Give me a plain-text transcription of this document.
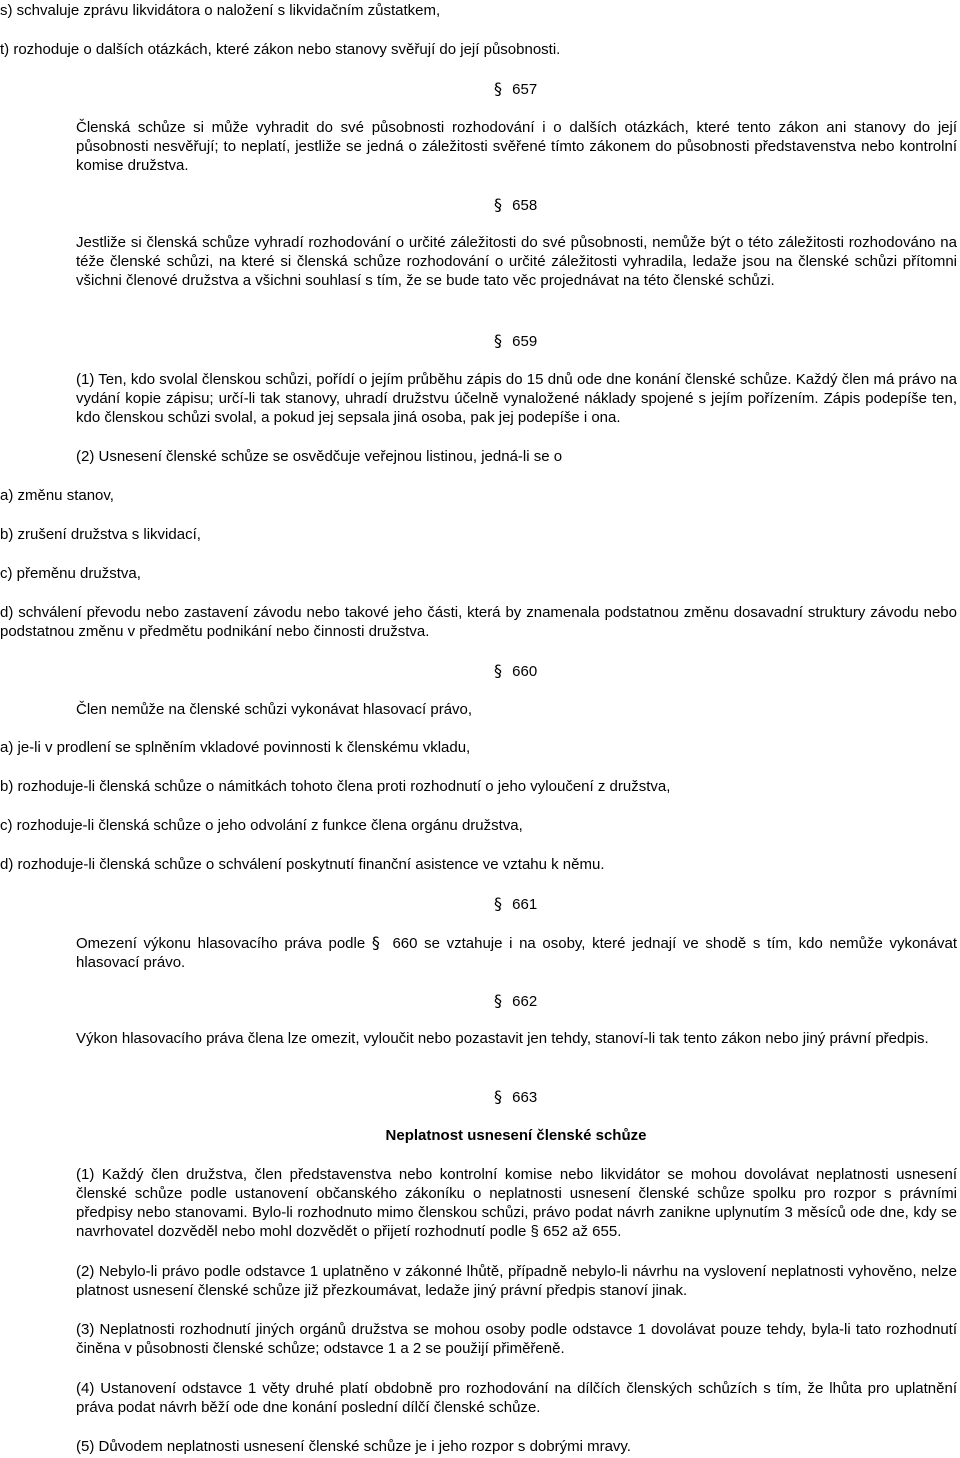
s) schvaluje zprávu likvidátora o naložení s likvidačním zůstatkem,

t) rozhoduje o dalších otázkách, které zákon nebo stanovy svěřují do její působnosti.

§ 657

Členská schůze si může vyhradit do své působnosti rozhodování i o dalších otázkách, které tento zákon ani stanovy do její působnosti nesvěřují; to neplatí, jestliže se jedná o záležitosti svěřené tímto zákonem do působnosti představenstva nebo kontrolní komise družstva.

§ 658

Jestliže si členská schůze vyhradí rozhodování o určité záležitosti do své působnosti, nemůže být o této záležitosti rozhodováno na téže členské schůzi, na které si členská schůze rozhodování o určité záležitosti vyhradila, ledaže jsou na členské schůzi přítomni všichni členové družstva a všichni souhlasí s tím, že se bude tato věc projednávat na této členské schůzi.

§ 659

(1) Ten, kdo svolal členskou schůzi, pořídí o jejím průběhu zápis do 15 dnů ode dne konání členské schůze. Každý člen má právo na vydání kopie zápisu; určí-li tak stanovy, uhradí družstvu účelně vynaložené náklady spojené s jejím pořízením. Zápis podepíše ten, kdo členskou schůzi svolal, a pokud jej sepsala jiná osoba, pak jej podepíše i ona.

(2) Usnesení členské schůze se osvědčuje veřejnou listinou, jedná-li se o

a) změnu stanov,

b) zrušení družstva s likvidací,

c) přeměnu družstva,

d) schválení převodu nebo zastavení závodu nebo takové jeho části, která by znamenala podstatnou změnu dosavadní struktury závodu nebo podstatnou změnu v předmětu podnikání nebo činnosti družstva.

§ 660

Člen nemůže na členské schůzi vykonávat hlasovací právo,

a) je-li v prodlení se splněním vkladové povinnosti k členskému vkladu,

b) rozhoduje-li členská schůze o námitkách tohoto člena proti rozhodnutí o jeho vyloučení z družstva,

c) rozhoduje-li členská schůze o jeho odvolání z funkce člena orgánu družstva,

d) rozhoduje-li členská schůze o schválení poskytnutí finanční asistence ve vztahu k němu.

§ 661

Omezení výkonu hlasovacího práva podle § 660 se vztahuje i na osoby, které jednají ve shodě s tím, kdo nemůže vykonávat hlasovací právo.

§ 662

Výkon hlasovacího práva člena lze omezit, vyloučit nebo pozastavit jen tehdy, stanoví-li tak tento zákon nebo jiný právní předpis.

§ 663

Neplatnost usnesení členské schůze

(1) Každý člen družstva, člen představenstva nebo kontrolní komise nebo likvidátor se mohou dovolávat neplatnosti usnesení členské schůze podle ustanovení občanského zákoníku o neplatnosti usnesení členské schůze spolku pro rozpor s právními předpisy nebo stanovami. Bylo-li rozhodnuto mimo členskou schůzi, právo podat návrh zanikne uplynutím 3 měsíců ode dne, kdy se navrhovatel dozvěděl nebo mohl dozvědět o přijetí rozhodnutí podle § 652 až 655.

(2) Nebylo-li právo podle odstavce 1 uplatněno v zákonné lhůtě, případně nebylo-li návrhu na vyslovení neplatnosti vyhověno, nelze platnost usnesení členské schůze již přezkoumávat, ledaže jiný právní předpis stanoví jinak.

(3) Neplatnosti rozhodnutí jiných orgánů družstva se mohou osoby podle odstavce 1 dovolávat pouze tehdy, byla-li tato rozhodnutí činěna v působnosti členské schůze; odstavce 1 a 2 se použijí přiměřeně.

(4) Ustanovení odstavce 1 věty druhé platí obdobně pro rozhodování na dílčích členských schůzích s tím, že lhůta pro uplatnění práva podat návrh běží ode dne konání poslední dílčí členské schůze.

(5) Důvodem neplatnosti usnesení členské schůze je i jeho rozpor s dobrými mravy.
